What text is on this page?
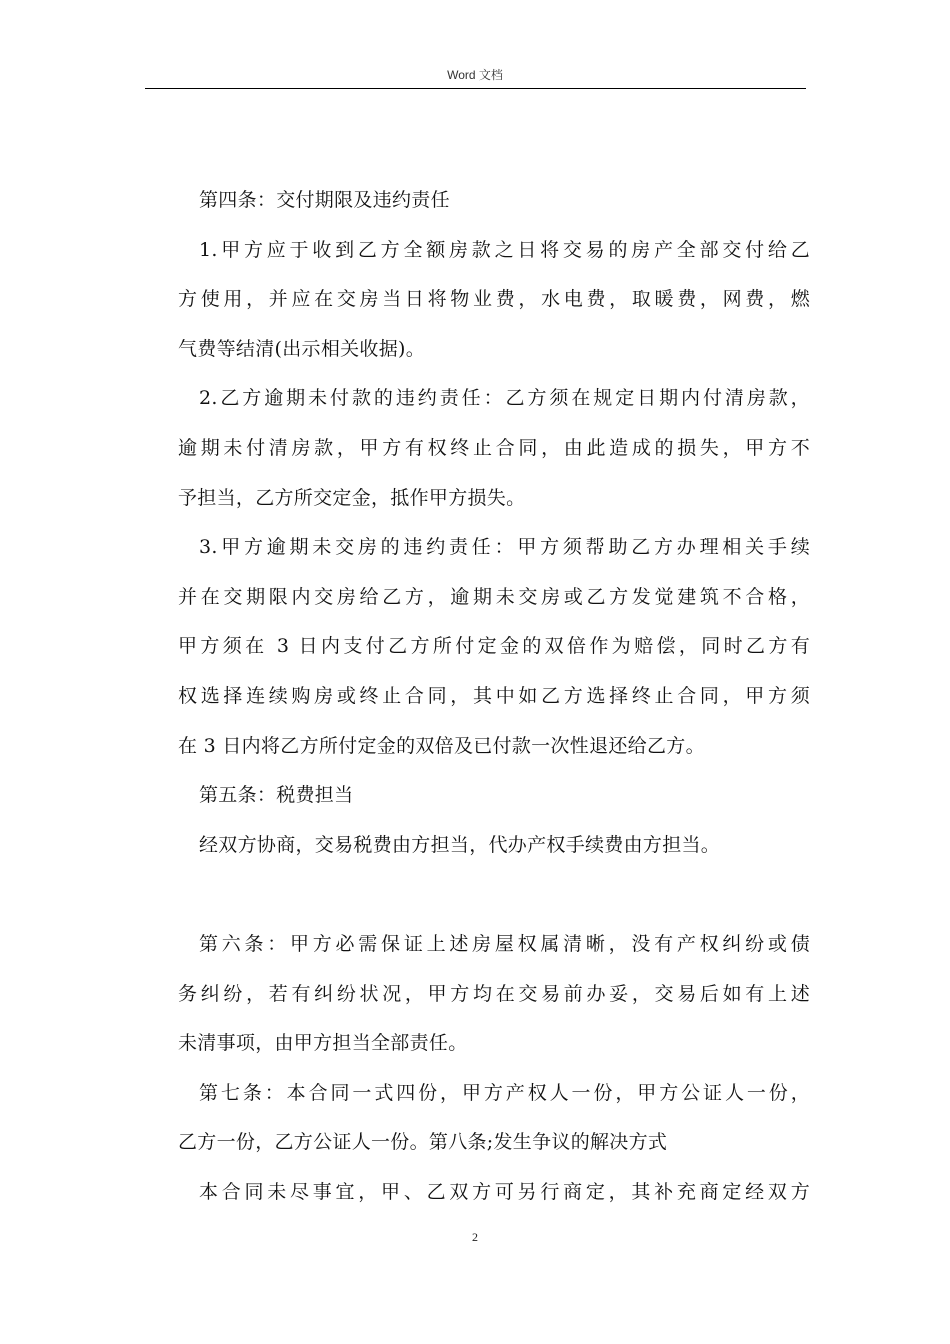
Word 文档
第四条：交付期限及违约责任
1.甲方应于收到乙方全额房款之日将交易的房产全部交付给乙
方使用，并应在交房当日将物业费，水电费，取暖费，网费，燃
气费等结清(出示相关收据)。
2.乙方逾期未付款的违约责任：乙方须在规定日期内付清房款，
逾期未付清房款，甲方有权终止合同，由此造成的损失，甲方不
予担当，乙方所交定金，抵作甲方损失。
3.甲方逾期未交房的违约责任：甲方须帮助乙方办理相关手续
并在交期限内交房给乙方，逾期未交房或乙方发觉建筑不合格，
甲方须在 3 日内支付乙方所付定金的双倍作为赔偿，同时乙方有
权选择连续购房或终止合同，其中如乙方选择终止合同，甲方须
在 3 日内将乙方所付定金的双倍及已付款一次性退还给乙方。
第五条：税费担当
经双方协商，交易税费由方担当，代办产权手续费由方担当。
第六条：甲方必需保证上述房屋权属清晰，没有产权纠纷或债
务纠纷，若有纠纷状况，甲方均在交易前办妥，交易后如有上述
未清事项，由甲方担当全部责任。
第七条：本合同一式四份，甲方产权人一份，甲方公证人一份，
乙方一份，乙方公证人一份。第八条;发生争议的解决方式
本合同未尽事宜，甲、乙双方可另行商定，其补充商定经双方
2
